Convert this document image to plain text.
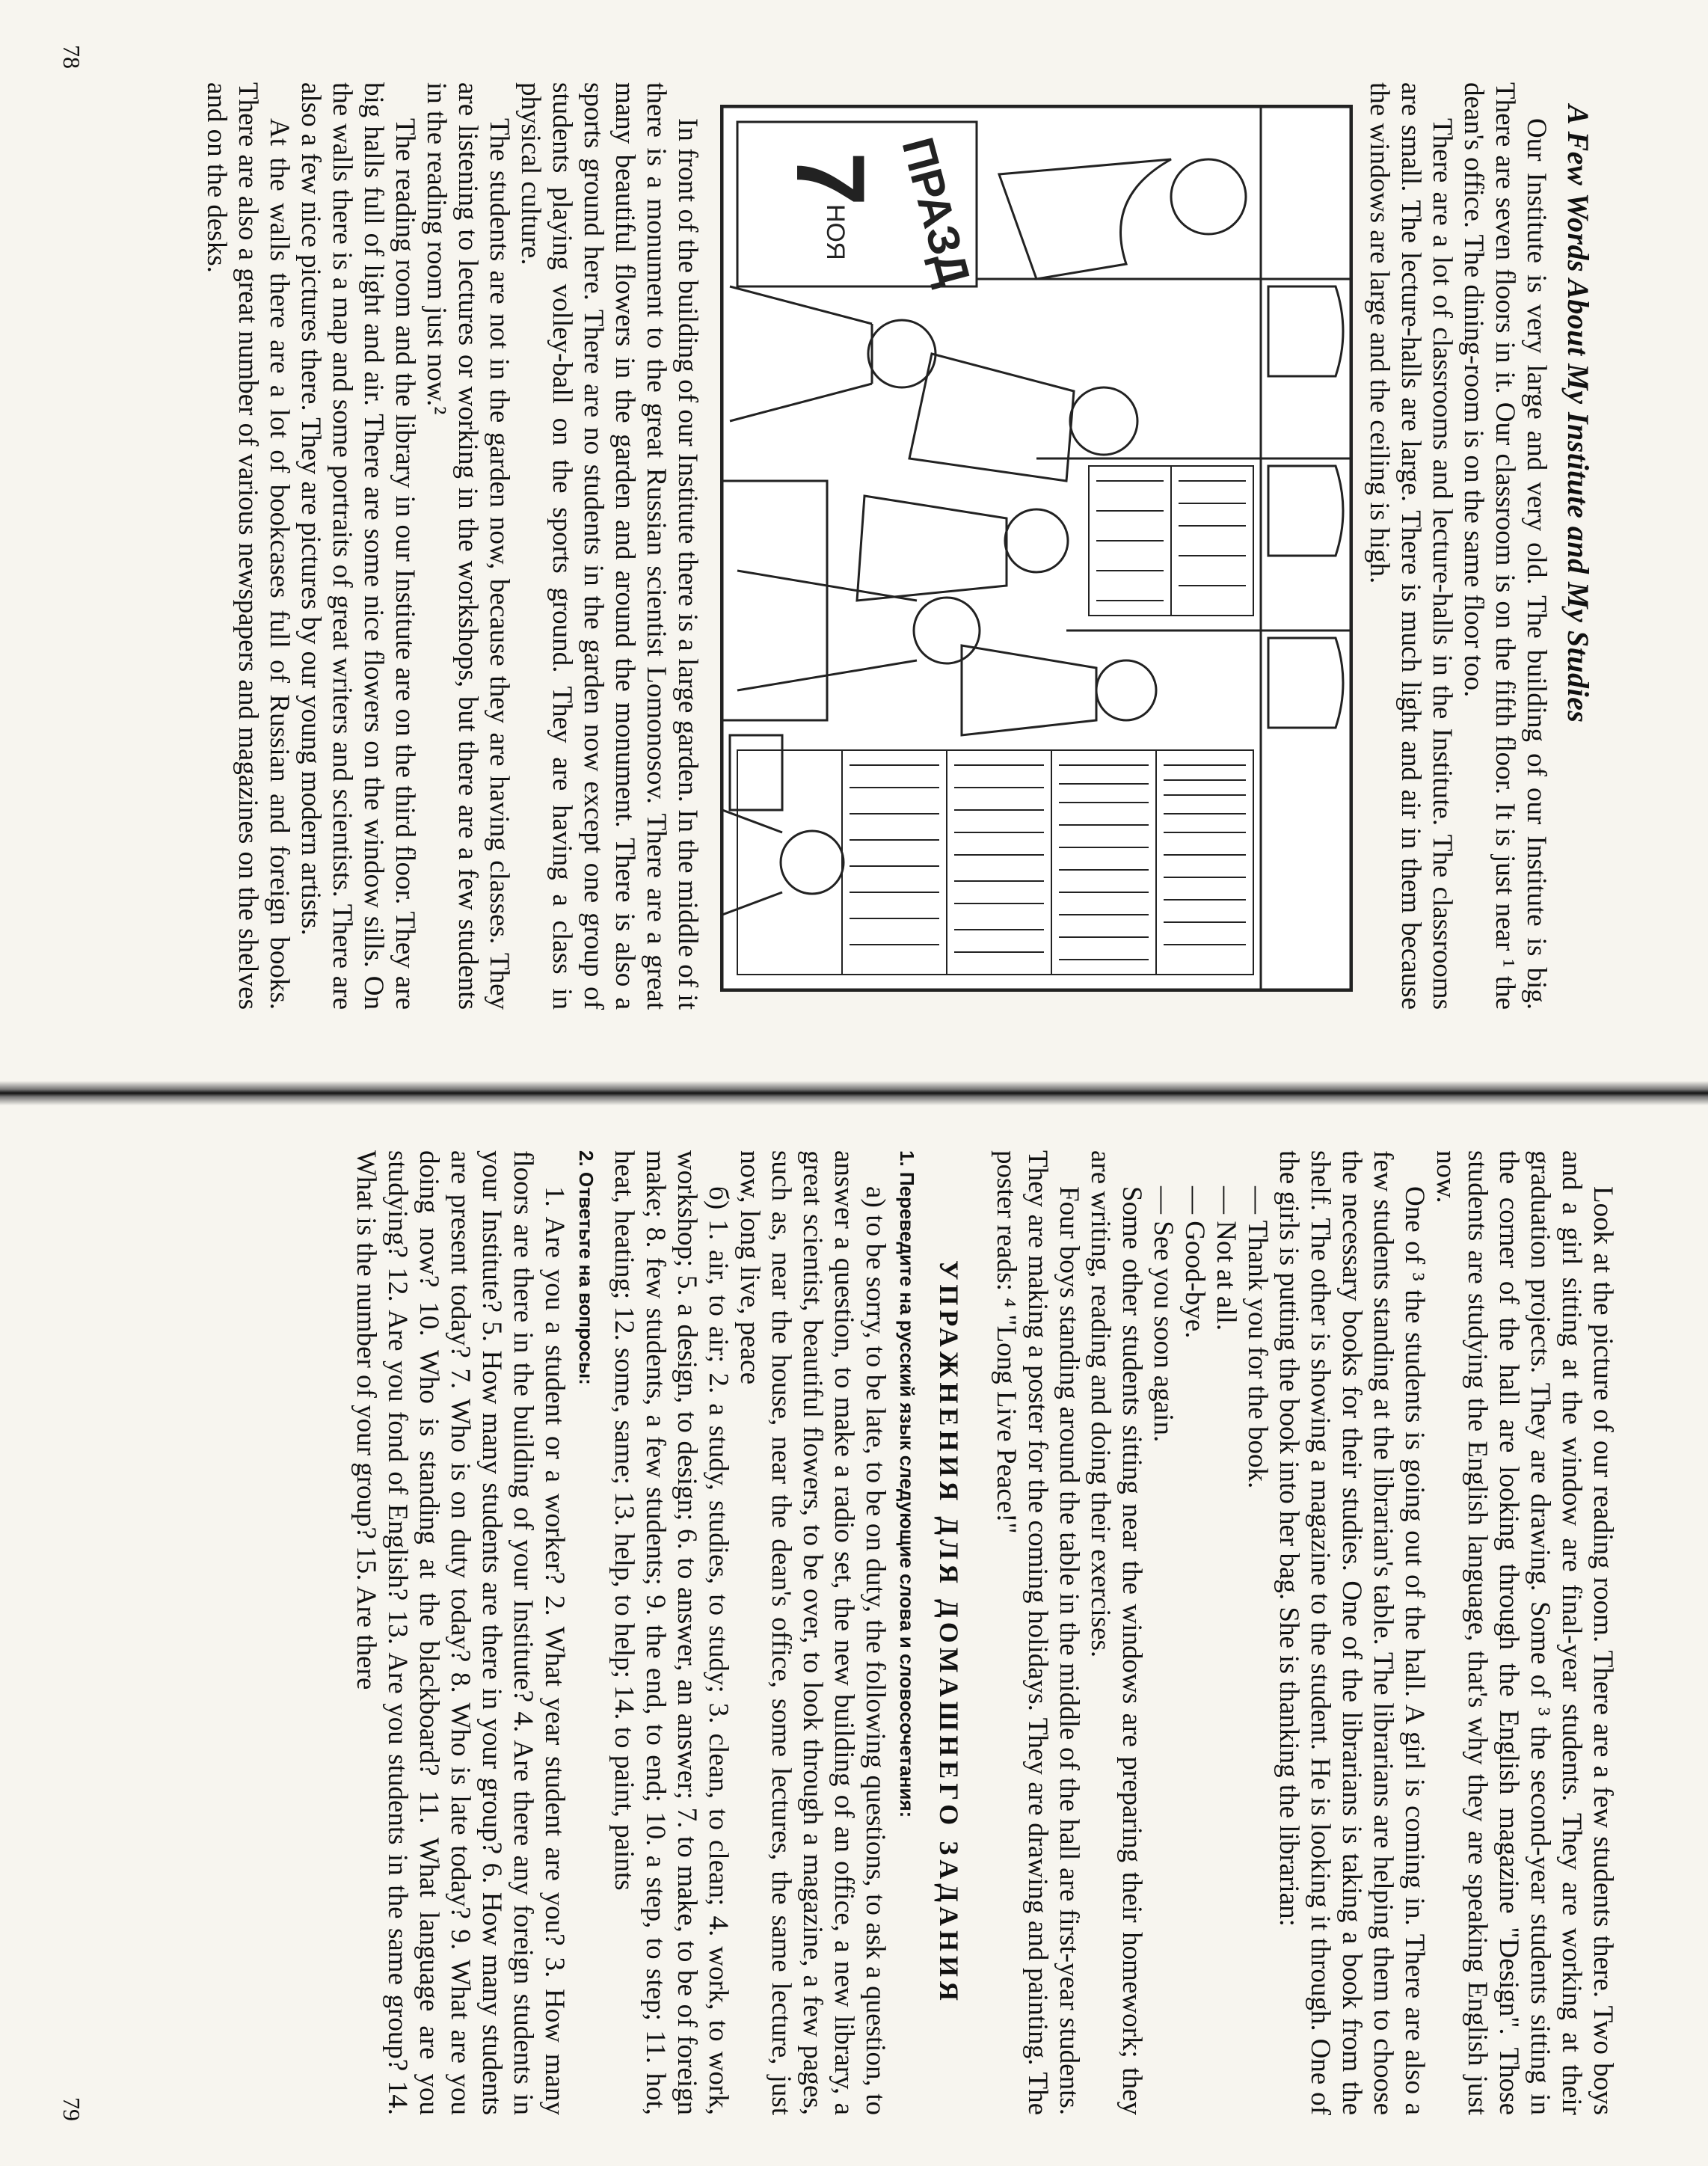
A Few Words About My Institute and My Studies

Our Institute is very large and very old. The building of our Institute is big. There are seven floors in it. Our classroom is on the fifth floor. It is just near ¹ the dean's office. The dining-room is on the same floor too.

There are a lot of classrooms and lecture-halls in the Institute. The classrooms are small. The lecture-halls are large. There is much light and air in them because the windows are large and the ceiling is high.

ПРАЗД
7
НОЯ

In front of the building of our Institute there is a large garden. In the middle of it there is a monument to the great Russian scientist Lomonosov. There are a great many beautiful flowers in the garden and around the monument. There is also a sports ground here. There are no students in the garden now except one group of students playing volley-ball on the sports ground. They are having a class in physical culture.

The students are not in the garden now, because they are having classes. They are listening to lectures or working in the workshops, but there are a few students in the reading room just now.²

The reading room and the library in our Institute are on the third floor. They are big halls full of light and air. There are some nice flowers on the window sills. On the walls there is a map and some portraits of great writers and scientists. There are also a few nice pictures there. They are pictures by our young modern artists.

At the walls there are a lot of bookcases full of Russian and foreign books. There are also a great number of various newspapers and magazines on the shelves and on the desks.

78

Look at the picture of our reading room. There are a few students there. Two boys and a girl sitting at the window are final-year students. They are working at their graduation projects. They are drawing. Some of ³ the second-year students sitting in the corner of the hall are looking through the English magazine "Design". Those students are studying the English language, that's why they are speaking English just now.

One of ³ the students is going out of the hall. A girl is coming in. There are also a few students standing at the librarian's table. The librarians are helping them to choose the necessary books for their studies. One of the librarians is taking a book from the shelf. The other is showing a magazine to the student. He is looking it through. One of the girls is putting the book into her bag. She is thanking the librarian:

— Thank you for the book.

— Not at all.

— Good-bye.

— See you soon again.

Some other students sitting near the windows are preparing their homework; they are writing, reading and doing their exercises.

Four boys standing around the table in the middle of the hall are first-year students. They are making a poster for the coming holidays. They are drawing and painting. The poster reads: ⁴ "Long Live Peace!"

УПРАЖНЕНИЯ ДЛЯ ДОМАШНЕГО ЗАДАНИЯ
1. Переведите на русский язык следующие слова и словосочетания:

а) to be sorry, to be late, to be on duty, the following questions, to ask a question, to answer a question, to make a radio set, the new building of an office, a new library, a great scientist, beautiful flowers, to be over, to look through a magazine, a few pages, such as, near the house, near the dean's office, some lectures, the same lecture, just now, long live, peace

б) 1. air, to air; 2. a study, studies, to study; 3. clean, to clean; 4. work, to work, workshop; 5. a design, to design; 6. to answer, an answer; 7. to make, to be of foreign make; 8. few students, a few students; 9. the end, to end; 10. a step, to step; 11. hot, heat, heating; 12. some, same; 13. help, to help; 14. to paint, paints

2. Ответьте на вопросы:

1. Are you a student or a worker? 2. What year student are you? 3. How many floors are there in the building of your Institute? 4. Are there any foreign students in your Institute? 5. How many students are there in your group? 6. How many students are present today? 7. Who is on duty today? 8. Who is late today? 9. What are you doing now? 10. Who is standing at the blackboard? 11. What language are you studying? 12. Are you fond of English? 13. Are you students in the same group? 14. What is the number of your group? 15. Are there

79
